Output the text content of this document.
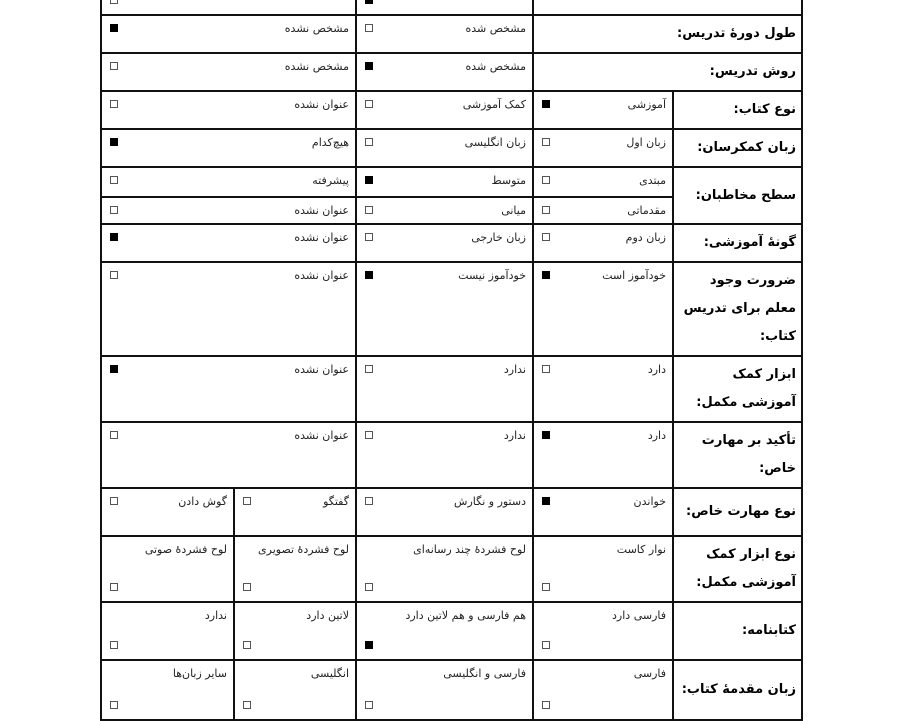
مشخص نشده		مشخص شده	طول دورهٔ تدریس:	

مشخص نشده		مشخص شده	روش تدریس:	

عنوان نشده		کمک آموزشی	آموزشی	نوع کتاب:

هیچ‌کدام		زبان انگلیسی	زبان اول	زبان کمکرسان:

پیشرفته		متوسط	مبتدی	سطح مخاطبان:

عنوان نشده		میانی	مقدماتی	

عنوان نشده		زبان خارجی	زبان دوم	گونهٔ آموزشی:

عنوان نشده		خودآموز نیست	خودآموز است	ضرورت وجود معلم برای تدریس کتاب:

عنوان نشده		ندارد	دارد	ابزار کمک آموزشی مکمل:

عنوان نشده		ندارد	دارد	تأکید بر مهارت خاص:

گوش دادن	گفتگو	دستور و نگارش	خواندن	نوع مهارت خاص:

لوح فشردهٔ صوتی	لوح فشردهٔ تصویری	لوح فشردهٔ چند رسانه‌ای	نوار کاست	نوع ابزار کمک آموزشی مکمل:

ندارد	لاتین دارد	هم فارسی و هم لاتین دارد	فارسی دارد	کتابنامه:

سایر زبان‌ها	انگلیسی	فارسی و انگلیسی	فارسی	زبان مقدمهٔ کتاب:
